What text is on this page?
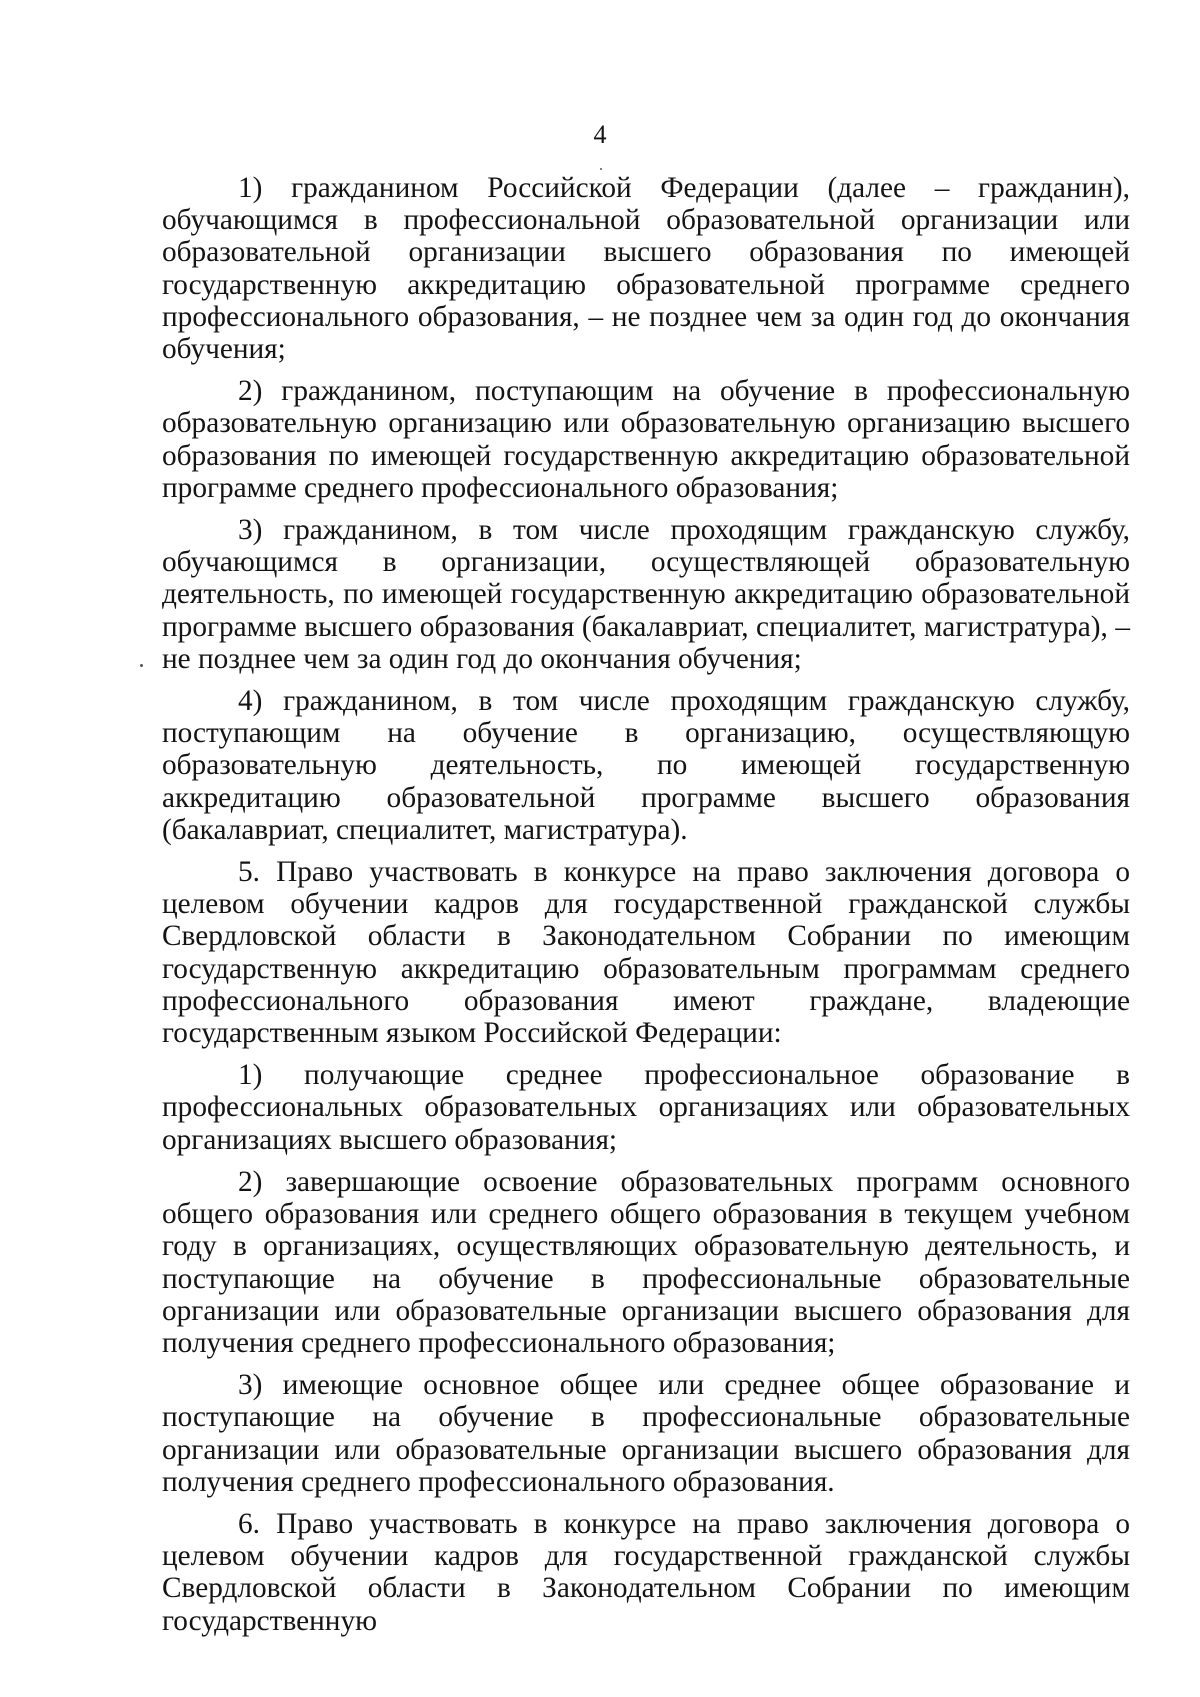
4

1) гражданином Российской Федерации (далее – гражданин), обучающимся в профессиональной образовательной организации или образовательной организации высшего образования по имеющей государственную аккредитацию образовательной программе среднего профессионального образования, – не позднее чем за один год до окончания обучения;

2) гражданином, поступающим на обучение в профессиональную образовательную организацию или образовательную организацию высшего образования по имеющей государственную аккредитацию образовательной программе среднего профессионального образования;

3) гражданином, в том числе проходящим гражданскую службу, обучающимся в организации, осуществляющей образовательную деятельность, по имеющей государственную аккредитацию образовательной программе высшего образования (бакалавриат, специалитет, магистратура), – не позднее чем за один год до окончания обучения;

4) гражданином, в том числе проходящим гражданскую службу, поступающим на обучение в организацию, осуществляющую образовательную деятельность, по имеющей государственную аккредитацию образовательной программе высшего образования (бакалавриат, специалитет, магистратура).

5. Право участвовать в конкурсе на право заключения договора о целевом обучении кадров для государственной гражданской службы Свердловской области в Законодательном Собрании по имеющим государственную аккредитацию образовательным программам среднего профессионального образования имеют граждане, владеющие государственным языком Российской Федерации:

1) получающие среднее профессиональное образование в профессиональных образовательных организациях или образовательных организациях высшего образования;

2) завершающие освоение образовательных программ основного общего образования или среднего общего образования в текущем учебном году в организациях, осуществляющих образовательную деятельность, и поступающие на обучение в профессиональные образовательные организации или образовательные организации высшего образования для получения среднего профессионального образования;

3) имеющие основное общее или среднее общее образование и поступающие на обучение в профессиональные образовательные организации или образовательные организации высшего образования для получения среднего профессионального образования.

6. Право участвовать в конкурсе на право заключения договора о целевом обучении кадров для государственной гражданской службы Свердловской области в Законодательном Собрании по имеющим государственную
